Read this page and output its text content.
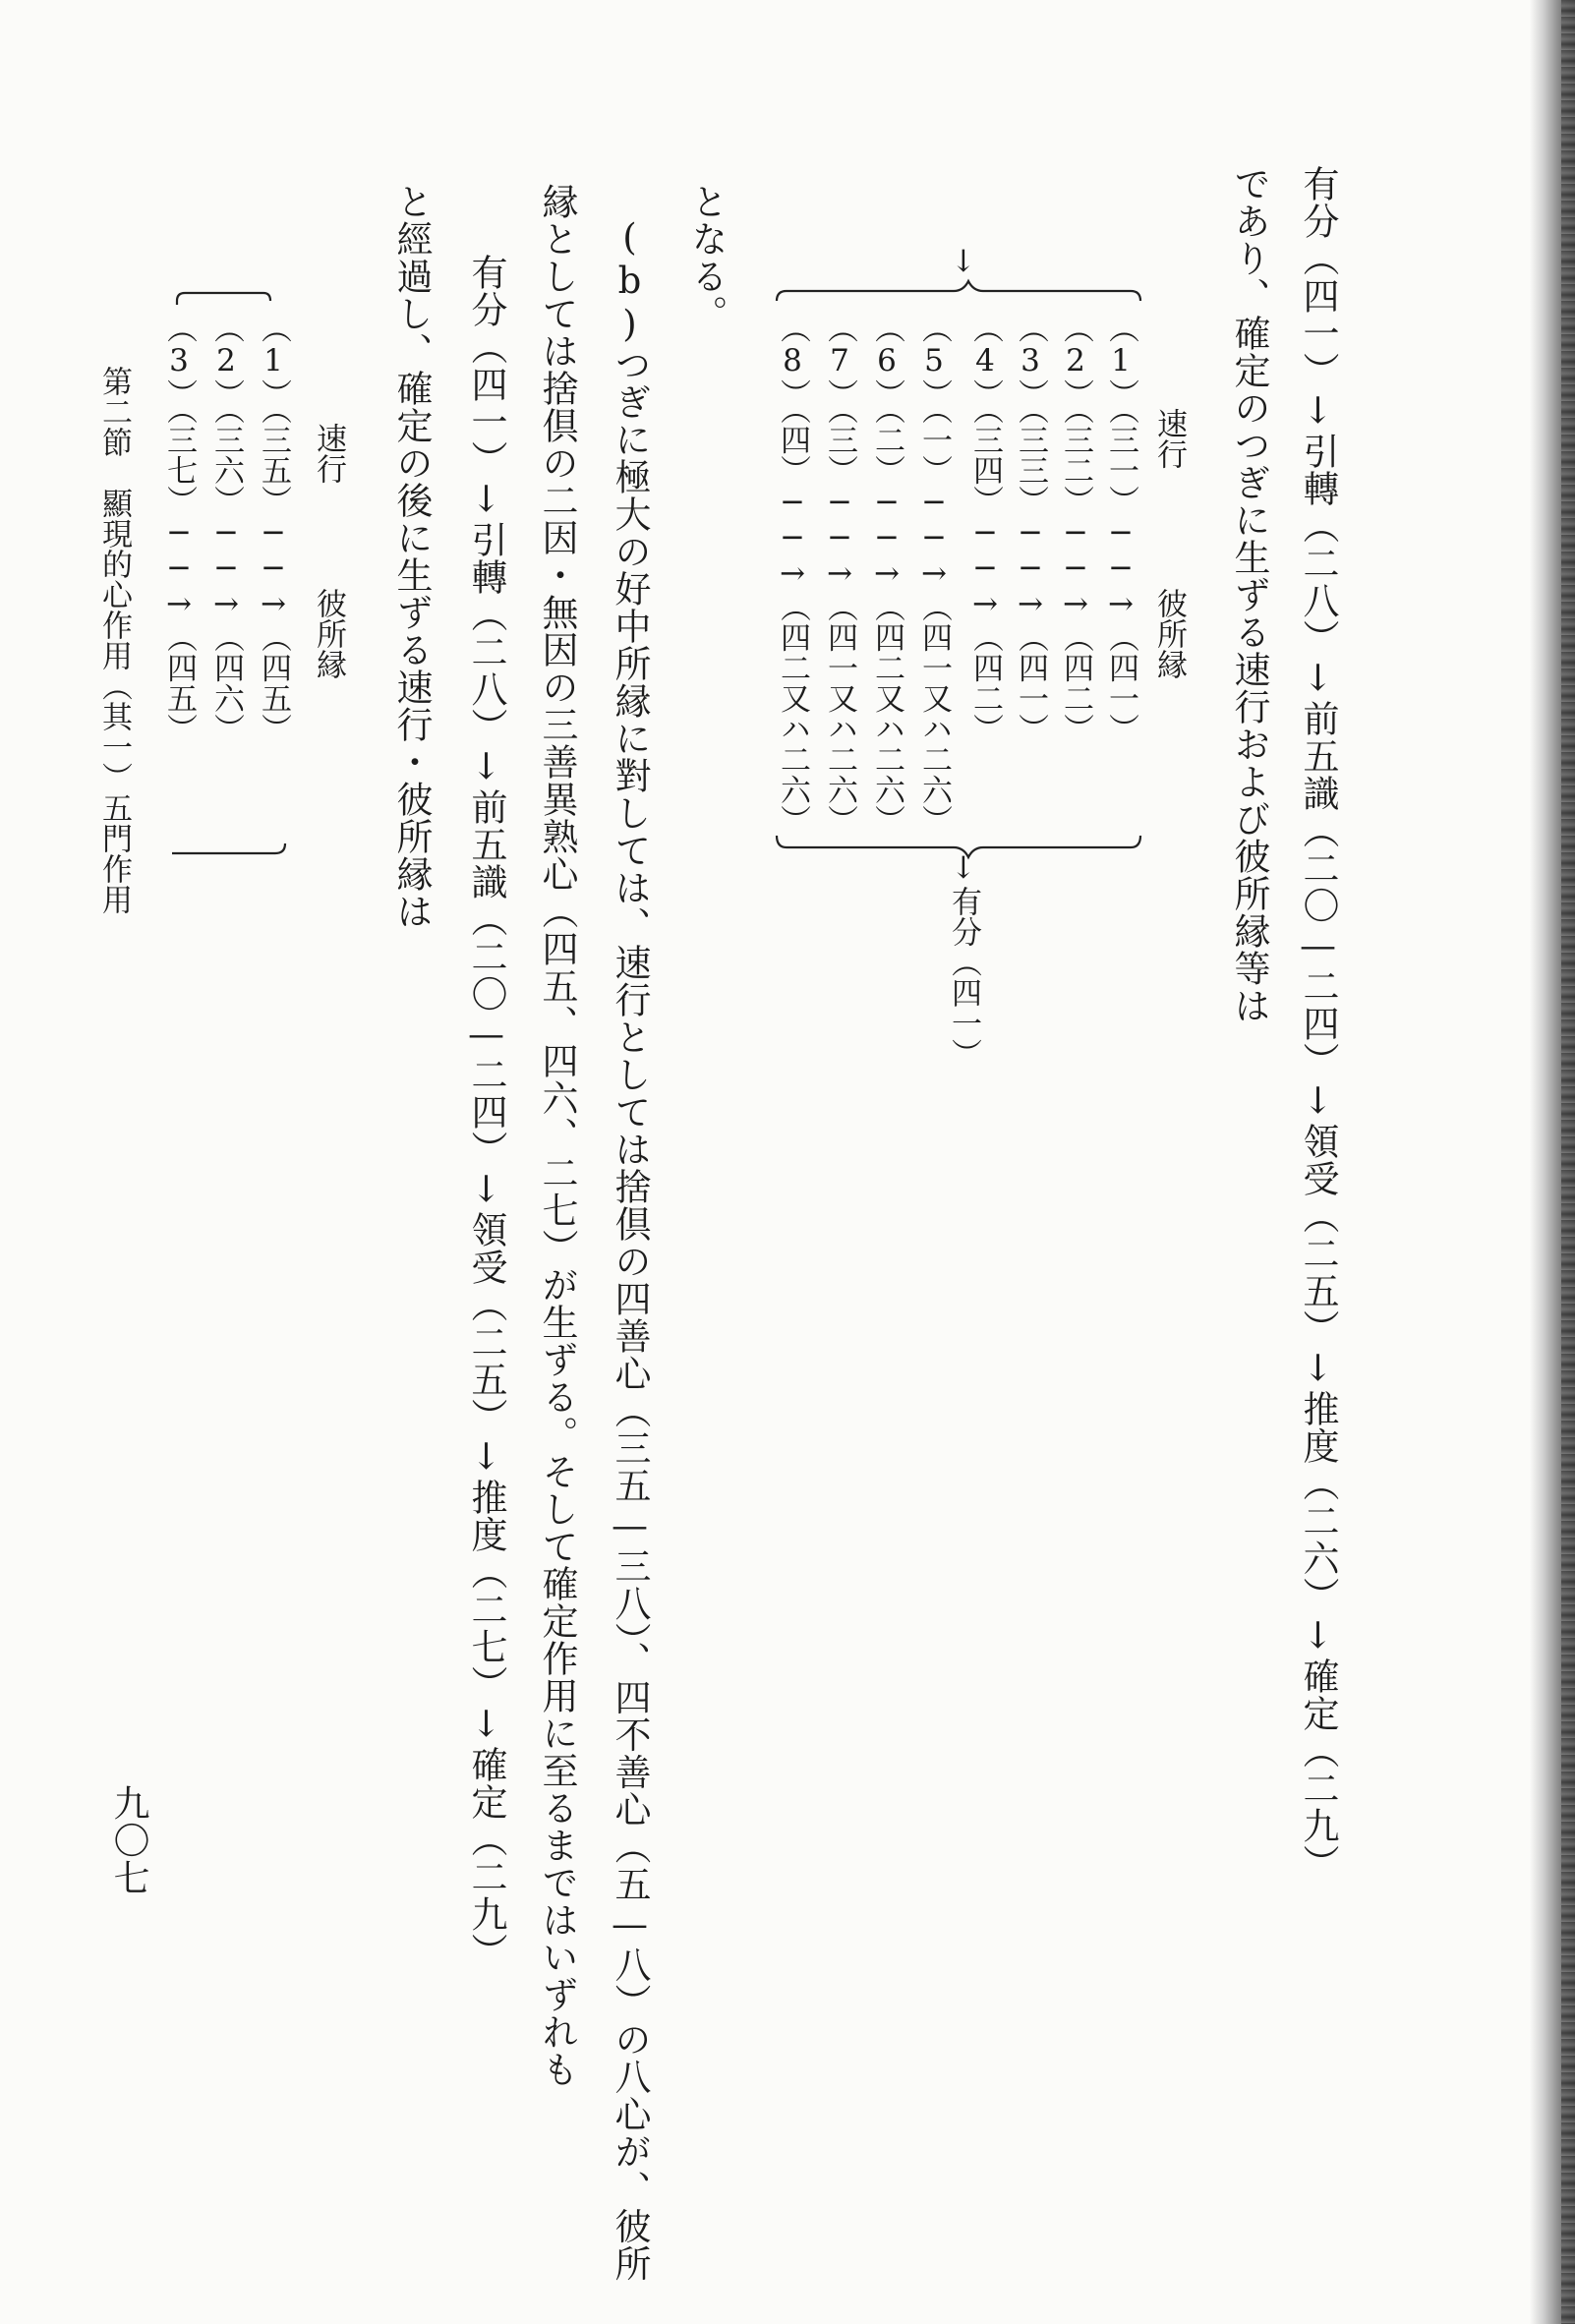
有分（四一）↓引轉（二八）↓前五識（二〇—二四）↓領受（二五）↓推度（二六）↓確定（二九）
であり、確定のつぎに生ずる速行および彼所縁等は
速行
彼所縁
↓
（1）（三一）──→（四一）
（2）（三二）──→（四二）
（3）（三三）──→（四一）
（4）（三四）──→（四二）
（5）（一）──→（四一又ハ二六）
（6）（二）──→（四二又ハ二六）
（7）（三）──→（四一又ハ二六）
（8）（四）──→（四二又ハ二六）
↓有分（四一）
となる。
(b)つぎに極大の好中所縁に對しては、速行としては捨倶の四善心（三五—三八）、四不善心（五—八）の八心が、彼所
縁としては捨倶の二因・無因の三善異熟心（四五、四六、二七）が生ずる。そして確定作用に至るまではいずれも
有分（四一）↓引轉（二八）↓前五識（二〇—二四）↓領受（二五）↓推度（二七）↓確定（二九）
と經過し、確定の後に生ずる速行・彼所縁は
速行
彼所縁
（1）（三五）──→（四五）
（2）（三六）──→（四六）
（3）（三七）──→（四五）
第二節　顯現的心作用（其一）五門作用
九〇七
